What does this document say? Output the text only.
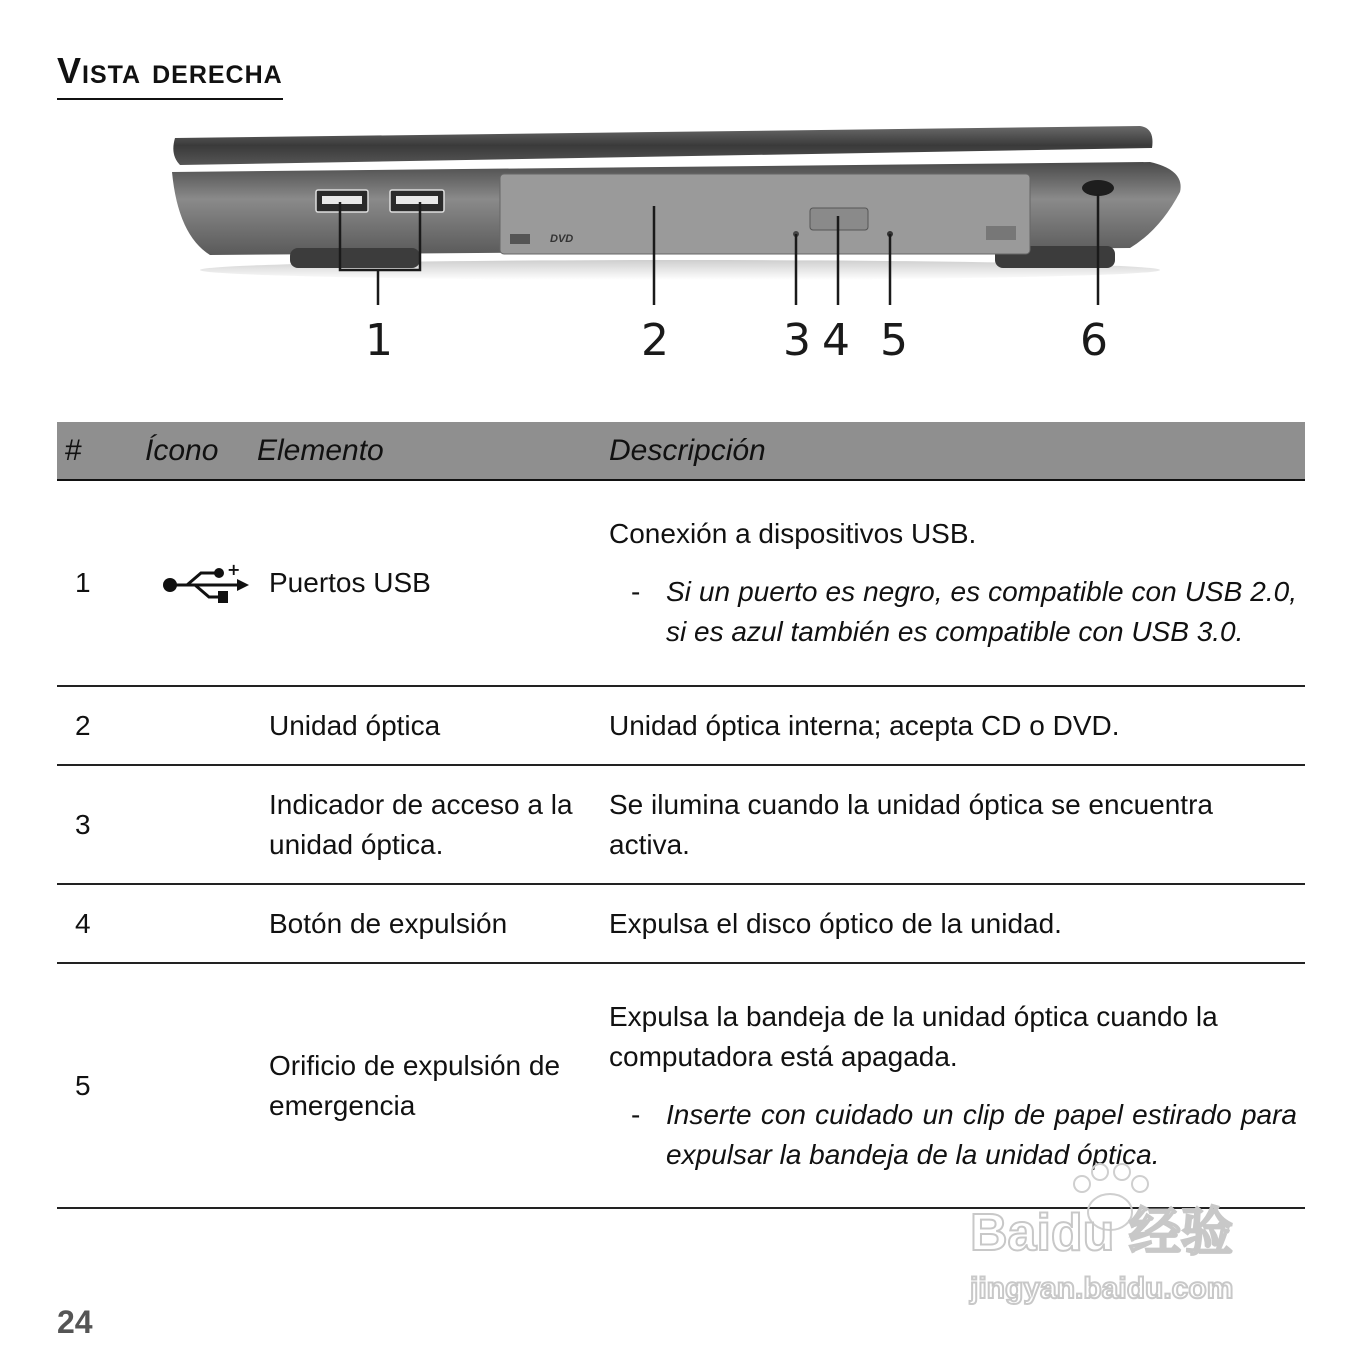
Vista derecha
DVD
1	2	3 4 5	6
#	Ícono	Elemento	Descripción
1	+	Puertos USB	Conexión a dispositivos USB.

- Si un puerto es negro, es compatible con USB 2.0, si es azul también es compatible con USB 3.0.

2		Unidad óptica	Unidad óptica interna; acepta CD o DVD.
3		Indicador de acceso a la unidad óptica.	Se ilumina cuando la unidad óptica se encuentra activa.
4		Botón de expulsión	Expulsa el disco óptico de la unidad.
5		Orificio de expulsión de emergencia	Expulsa la bandeja de la unidad óptica cuando la computadora está apagada.

- Inserte con cuidado un clip de papel estirado para expulsar la bandeja de la unidad óptica.

24

Baidu 经验
jingyan.baidu.com
